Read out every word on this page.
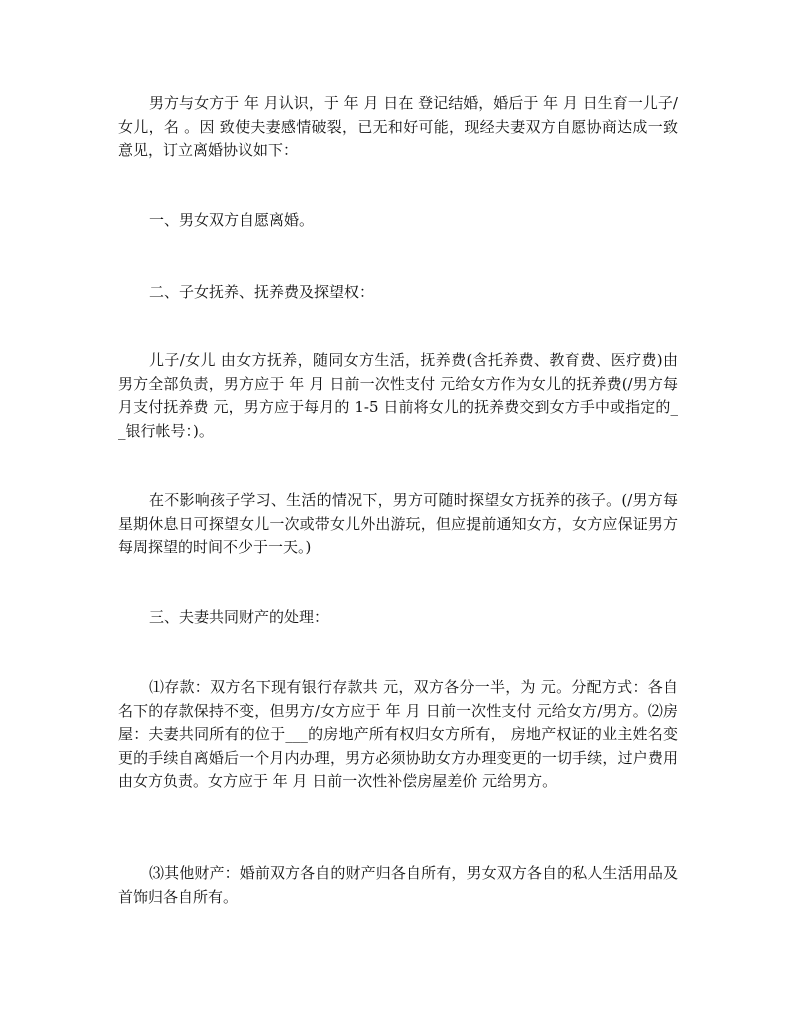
男方与女方于 年 月认识，于 年 月 日在 登记结婚，婚后于 年 月 日生育一儿子/女儿，名 。因 致使夫妻感情破裂，已无和好可能，现经夫妻双方自愿协商达成一致意见，订立离婚协议如下：

一、男女双方自愿离婚。

二、子女抚养、抚养费及探望权：

儿子/女儿 由女方抚养，随同女方生活，抚养费(含托养费、教育费、医疗费)由男方全部负责，男方应于 年 月 日前一次性支付 元给女方作为女儿的抚养费(/男方每月支付抚养费 元，男方应于每月的 1-5 日前将女儿的抚养费交到女方手中或指定的__银行帐号：)。

在不影响孩子学习、生活的情况下，男方可随时探望女方抚养的孩子。(/男方每星期休息日可探望女儿一次或带女儿外出游玩，但应提前通知女方，女方应保证男方每周探望的时间不少于一天。)

三、夫妻共同财产的处理：

⑴存款：双方名下现有银行存款共 元，双方各分一半，为 元。分配方式：各自名下的存款保持不变，但男方/女方应于 年 月 日前一次性支付 元给女方/男方。⑵房屋：夫妻共同所有的位于___的房地产所有权归女方所有， 房地产权证的业主姓名变更的手续自离婚后一个月内办理，男方必须协助女方办理变更的一切手续，过户费用由女方负责。女方应于 年 月 日前一次性补偿房屋差价 元给男方。

⑶其他财产：婚前双方各自的财产归各自所有，男女双方各自的私人生活用品及首饰归各自所有。
